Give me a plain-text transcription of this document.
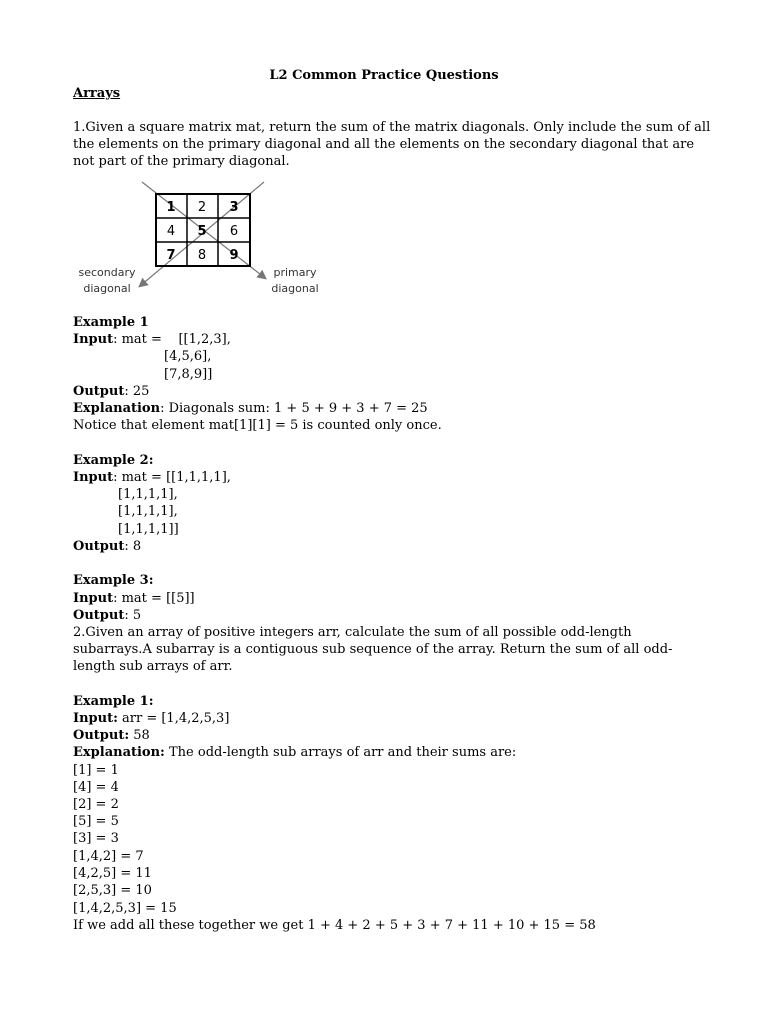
L2 Common Practice Questions
Arrays
1.Given a square matrix mat, return the sum of the matrix diagonals. Only include the sum of all the elements on the primary diagonal and all the elements on the secondary diagonal that are not part of the primary diagonal.
1 2 3
4 5 6
7 8 9
secondary
diagonal
primary
diagonal
Example 1
Input: mat =    [[1,2,3],
[4,5,6],
[7,8,9]]
Output: 25
Explanation: Diagonals sum: 1 + 5 + 9 + 3 + 7 = 25
Notice that element mat[1][1] = 5 is counted only once.
Example 2:
Input: mat = [[1,1,1,1],
[1,1,1,1],
[1,1,1,1],
[1,1,1,1]]
Output: 8
Example 3:
Input: mat = [[5]]
Output: 5
2.Given an array of positive integers arr, calculate the sum of all possible odd-length subarrays.A subarray is a contiguous sub sequence of the array. Return the sum of all odd-length sub arrays of arr.
Example 1:
Input: arr = [1,4,2,5,3]
Output: 58
Explanation: The odd-length sub arrays of arr and their sums are:
[1] = 1
[4] = 4
[2] = 2
[5] = 5
[3] = 3
[1,4,2] = 7
[4,2,5] = 11
[2,5,3] = 10
[1,4,2,5,3] = 15
If we add all these together we get 1 + 4 + 2 + 5 + 3 + 7 + 11 + 10 + 15 = 58
